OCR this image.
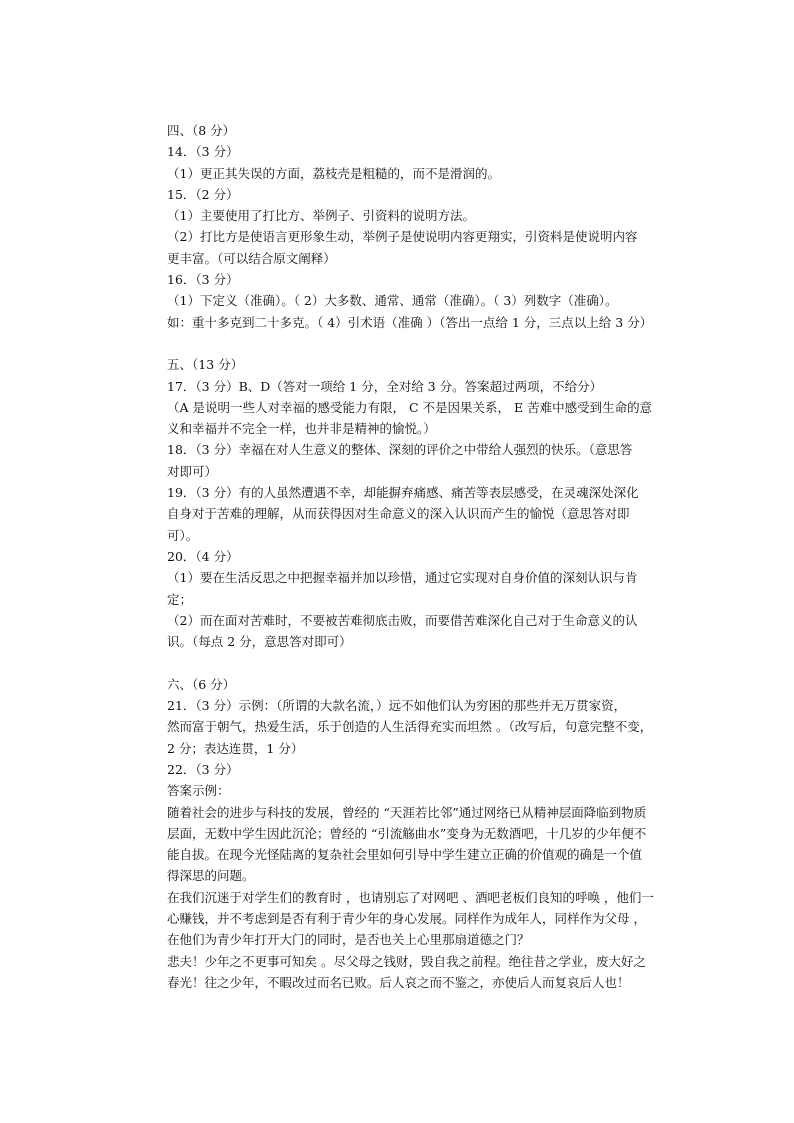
四、（8 分）
14．（3 分）
（1）更正其失误的方面，荔枝壳是粗糙的，而不是滑润的。
15．（2 分）
（1）主要使用了打比方、举例子、引资料的说明方法。
（2）打比方是使语言更形象生动，举例子是使说明内容更翔实，引资料是使说明内容
更丰富。（可以结合原文阐释）
16．（3 分）
（1）下定义（准确）。（ 2）大多数、通常、通常（准确）。（ 3）列数字（准确）。
如：重十多克到二十多克。（ 4）引术语（准确 ）（答出一点给 1 分，三点以上给 3 分）
五、（13 分）
17．（3 分）B、D（答对一项给 1 分，全对给 3 分。答案超过两项，不给分）
（A 是说明一些人对幸福的感受能力有限， C 不是因果关系， E 苦难中感受到生命的意
义和幸福并不完全一样，也并非是精神的愉悦。）
18．（3 分）幸福在对人生意义的整体、深刻的评价之中带给人强烈的快乐。（意思答
对即可）
19．（3 分）有的人虽然遭遇不幸，却能摒弃痛感、痛苦等表层感受，在灵魂深处深化
自身对于苦难的理解，从而获得因对生命意义的深入认识而产生的愉悦（意思答对即
可）。
20．（4 分）
（1）要在生活反思之中把握幸福并加以珍惜，通过它实现对自身价值的深刻认识与肯
定；
（2）而在面对苦难时，不要被苦难彻底击败，而要借苦难深化自己对于生命意义的认
识。（每点 2 分，意思答对即可）
六、（6 分）
21．（3 分）示例：（所谓的大款名流，）远不如他们认为穷困的那些并无万贯家资，
然而富于朝气，热爱生活，乐于创造的人生活得充实而坦然 。（改写后，句意完整不变，
2 分；表达连贯，1 分）
22．（3 分）
答案示例：
随着社会的进步与科技的发展，曾经的 “天涯若比邻”通过网络已从精神层面降临到物质
层面，无数中学生因此沉沦；曾经的 “引流觞曲水”变身为无数酒吧，十几岁的少年便不
能自拔。在现今光怪陆离的复杂社会里如何引导中学生建立正确的价值观的确是一个值
得深思的问题。
在我们沉迷于对学生们的教育时 ，也请别忘了对网吧 、酒吧老板们良知的呼唤 ，他们一
心赚钱，并不考虑到是否有利于青少年的身心发展。同样作为成年人，同样作为父母 ，
在他们为青少年打开大门的同时，是否也关上心里那扇道德之门？
悲夫！少年之不更事可知矣 。尽父母之钱财，毁自我之前程。绝往昔之学业，废大好之
春光！往之少年，不暇改过而名已败。后人哀之而不鉴之，亦使后人而复哀后人也！
